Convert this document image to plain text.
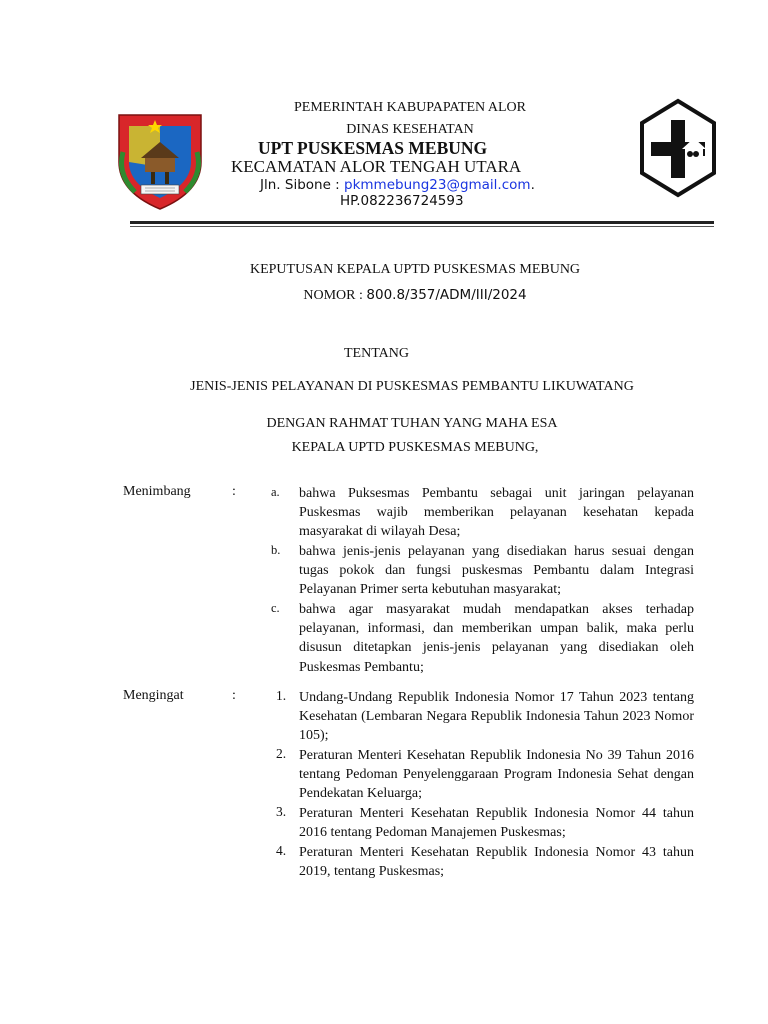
PEMERINTAH KABUPAPATEN ALOR
DINAS KESEHATAN
UPT PUSKESMAS MEBUNG
KECAMATAN ALOR TENGAH UTARA
Jln. Sibone : pkmmebung23@gmail.com.
HP.082236724593
KEPUTUSAN KEPALA UPTD PUSKESMAS MEBUNG
NOMOR : 800.8/357/ADM/III/2024
TENTANG
JENIS-JENIS PELAYANAN DI PUSKESMAS PEMBANTU LIKUWATANG
DENGAN RAHMAT TUHAN YANG MAHA ESA
KEPALA UPTD PUSKESMAS MEBUNG,
Menimbang	:	a. bahwa Puksesmas Pembantu sebagai unit jaringan pelayanan Puskesmas wajib memberikan pelayanan kesehatan kepada masyarakat di wilayah Desa;
b. bahwa jenis-jenis pelayanan yang disediakan harus sesuai dengan tugas pokok dan fungsi puskesmas Pembantu dalam Integrasi Pelayanan Primer serta kebutuhan masyarakat;
c. bahwa agar masyarakat mudah mendapatkan akses terhadap pelayanan, informasi, dan memberikan umpan balik, maka perlu disusun ditetapkan jenis-jenis pelayanan yang disediakan oleh Puskesmas Pembantu;
Mengingat	:	1. Undang-Undang Republik Indonesia Nomor 17 Tahun 2023 tentang Kesehatan (Lembaran Negara Republik Indonesia Tahun 2023 Nomor 105);
2. Peraturan Menteri Kesehatan Republik Indonesia No 39 Tahun 2016 tentang Pedoman Penyelenggaraan Program Indonesia Sehat dengan Pendekatan Keluarga;
3. Peraturan Menteri Kesehatan Republik Indonesia Nomor 44 tahun 2016 tentang Pedoman Manajemen Puskesmas;
4. Peraturan Menteri Kesehatan Republik Indonesia Nomor 43 tahun 2019, tentang Puskesmas;
